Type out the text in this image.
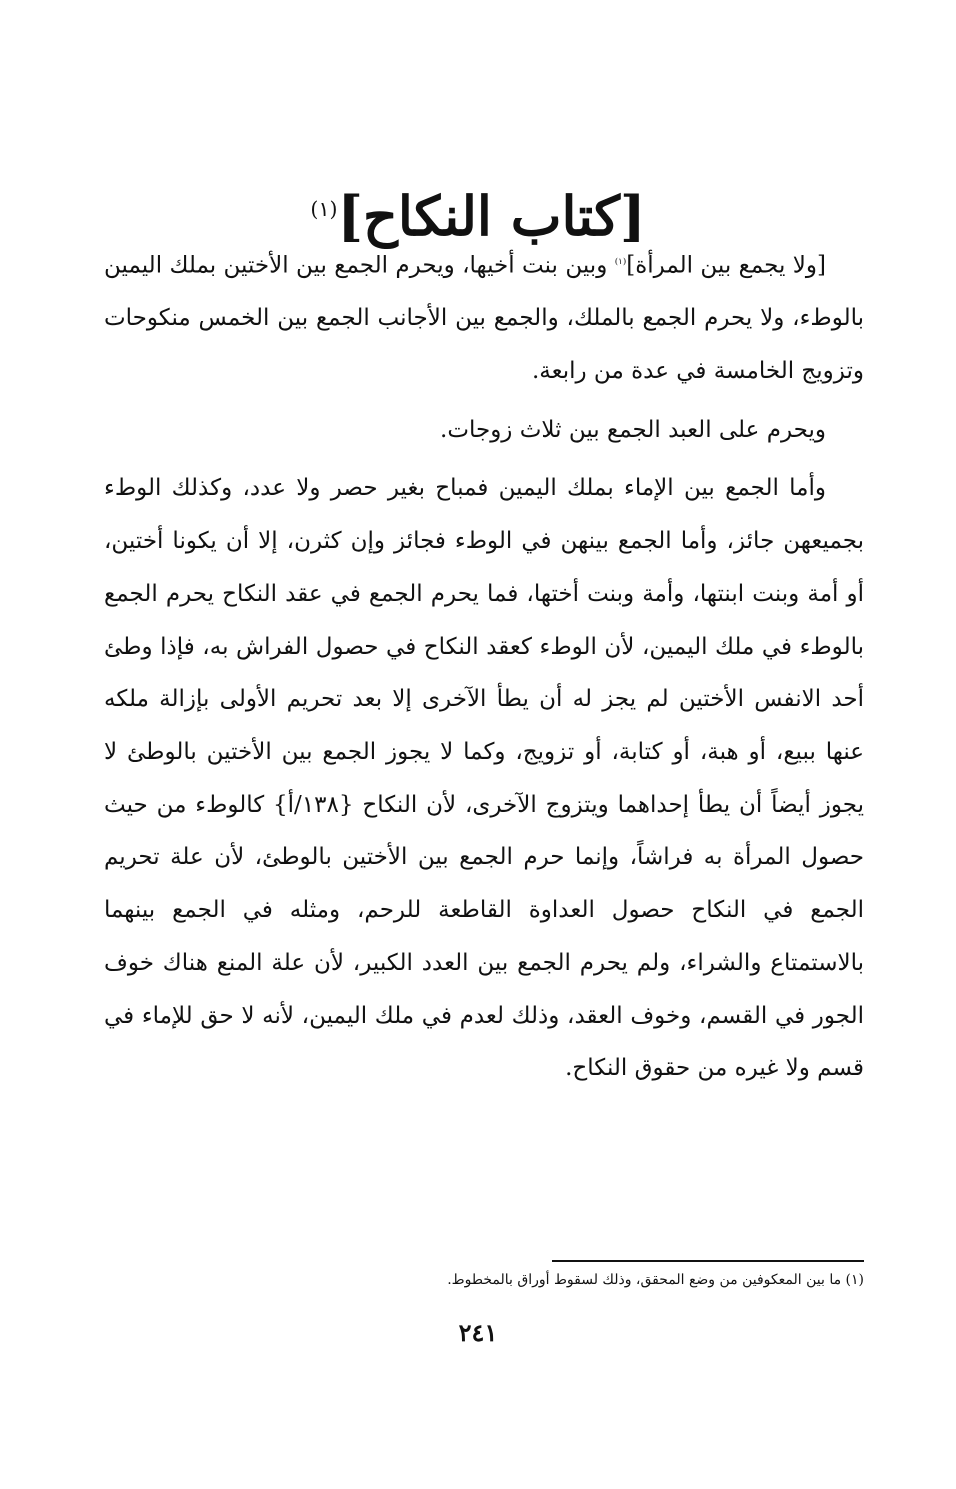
[كتاب النكاح]$^{(١)}$

[ولا يجمع بين المرأة]$^{(١)}$ وبين بنت أخيها، ويحرم الجمع بين الأختين بملك اليمين بالوطء، ولا يحرم الجمع بالملك، والجمع بين الأجانب الجمع بين الخمس منكوحات وتزويج الخامسة في عدة من رابعة.

ويحرم على العبد الجمع بين ثلاث زوجات.

وأما الجمع بين الإماء بملك اليمين فمباح بغير حصر ولا عدد، وكذلك الوطء بجميعهن جائز، وأما الجمع بينهن في الوطء فجائز وإن كثرن، إلا أن يكونا أختين، أو أمة وبنت ابنتها، وأمة وبنت أختها، فما يحرم الجمع في عقد النكاح يحرم الجمع بالوطء في ملك اليمين، لأن الوطء كعقد النكاح في حصول الفراش به، فإذا وطئ أحد الانفس الأختين لم يجز له أن يطأ الآخرى إلا بعد تحريم الأولى بإزالة ملكه عنها ببيع، أو هبة، أو كتابة، أو تزويج، وكما لا يجوز الجمع بين الأختين بالوطئ لا يجوز أيضاً أن يطأ إحداهما ويتزوج الآخرى، لأن النكاح {١٣٨/أ} كالوطء من حيث حصول المرأة به فراشاً، وإنما حرم الجمع بين الأختين بالوطئ، لأن علة تحريم الجمع في النكاح حصول العداوة القاطعة للرحم، ومثله في الجمع بينهما بالاستمتاع والشراء، ولم يحرم الجمع بين العدد الكبير، لأن علة المنع هناك خوف الجور في القسم، وخوف العقد، وذلك لعدم في ملك اليمين، لأنه لا حق للإماء في قسم ولا غيره من حقوق النكاح.

(١) ما بين المعكوفين من وضع المحقق، وذلك لسقوط أوراق بالمخطوط.
٢٤١
